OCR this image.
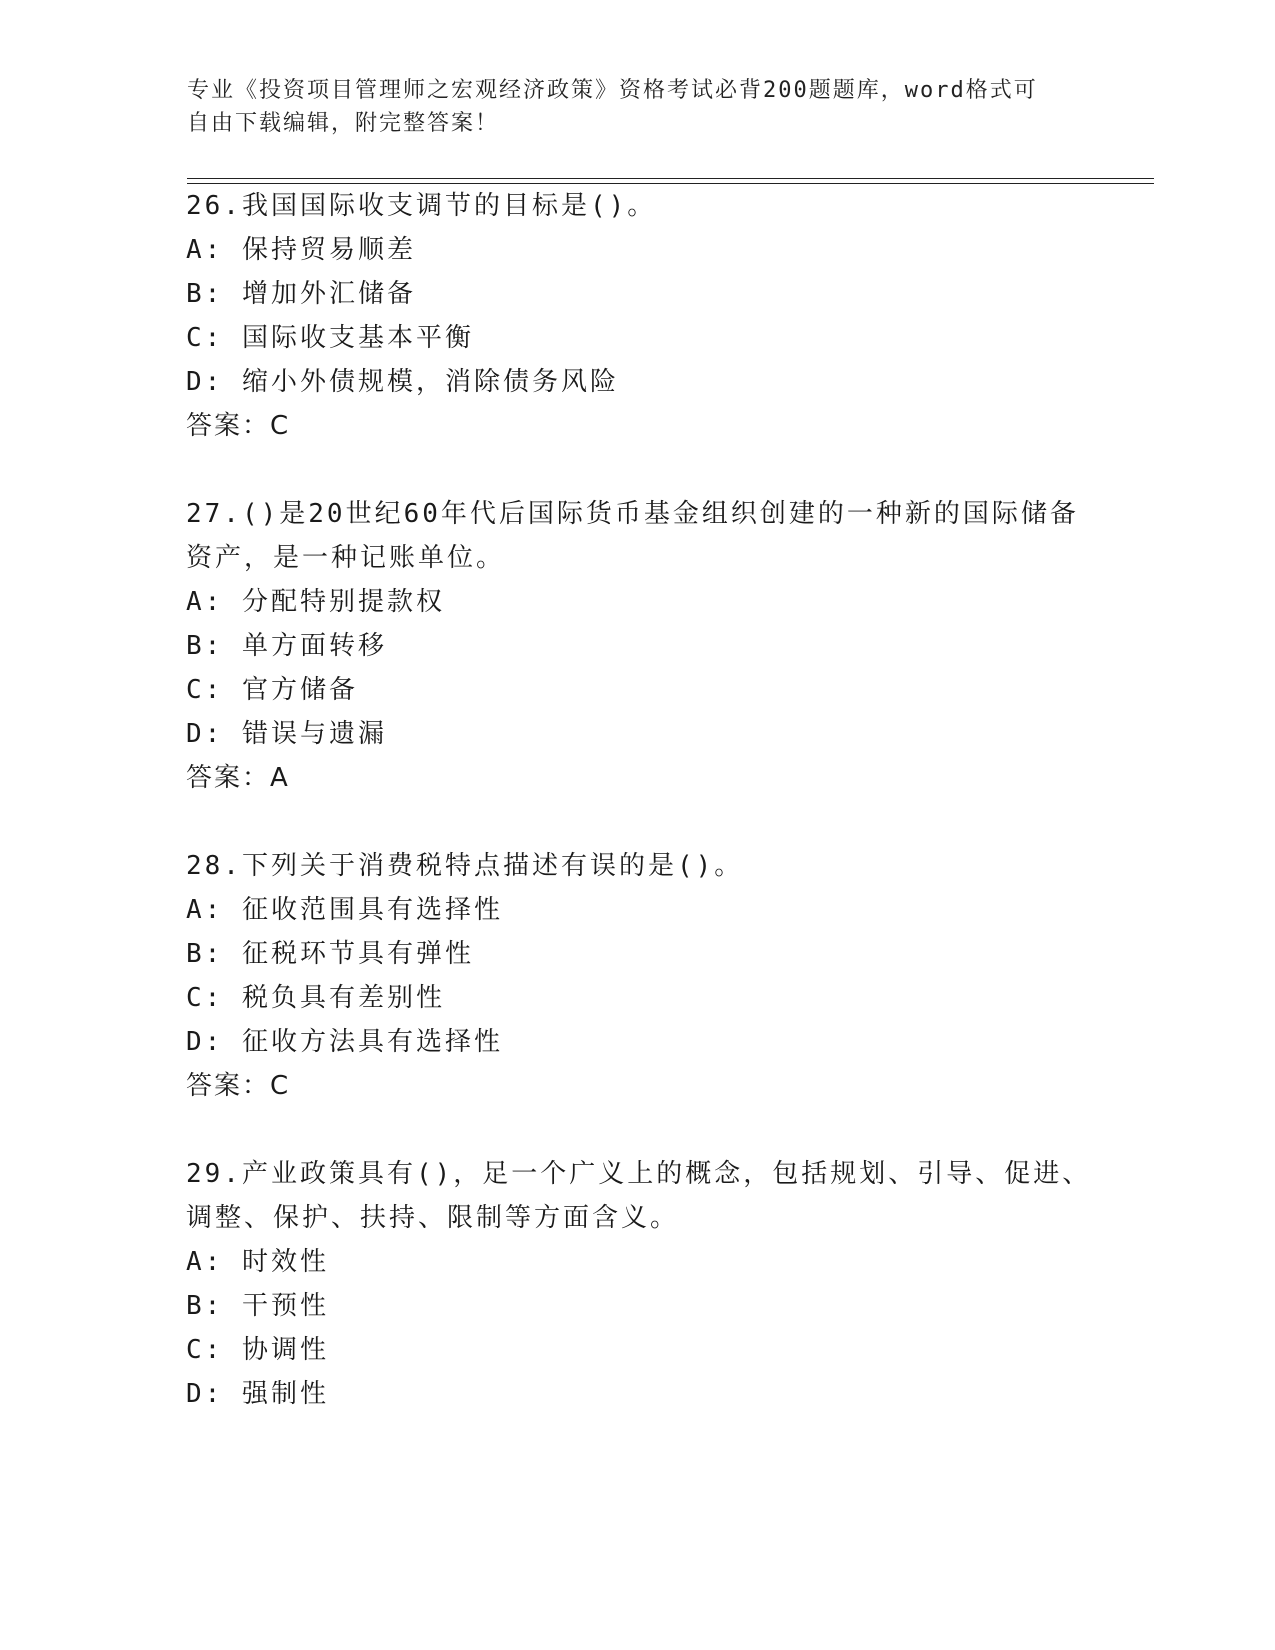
专业《投资项目管理师之宏观经济政策》资格考试必背200题题库，word格式可
自由下载编辑，附完整答案！
26.我国国际收支调节的目标是()。
A: 保持贸易顺差
B: 增加外汇储备
C: 国际收支基本平衡
D: 缩小外债规模，消除债务风险
答案：C
27.()是20世纪60年代后国际货币基金组织创建的一种新的国际储备
资产，是一种记账单位。
A: 分配特别提款权
B: 单方面转移
C: 官方储备
D: 错误与遗漏
答案：A
28.下列关于消费税特点描述有误的是()。
A: 征收范围具有选择性
B: 征税环节具有弹性
C: 税负具有差别性
D: 征收方法具有选择性
答案：C
29.产业政策具有()，足一个广义上的概念，包括规划、引导、促进、
调整、保护、扶持、限制等方面含义。
A: 时效性
B: 干预性
C: 协调性
D: 强制性
